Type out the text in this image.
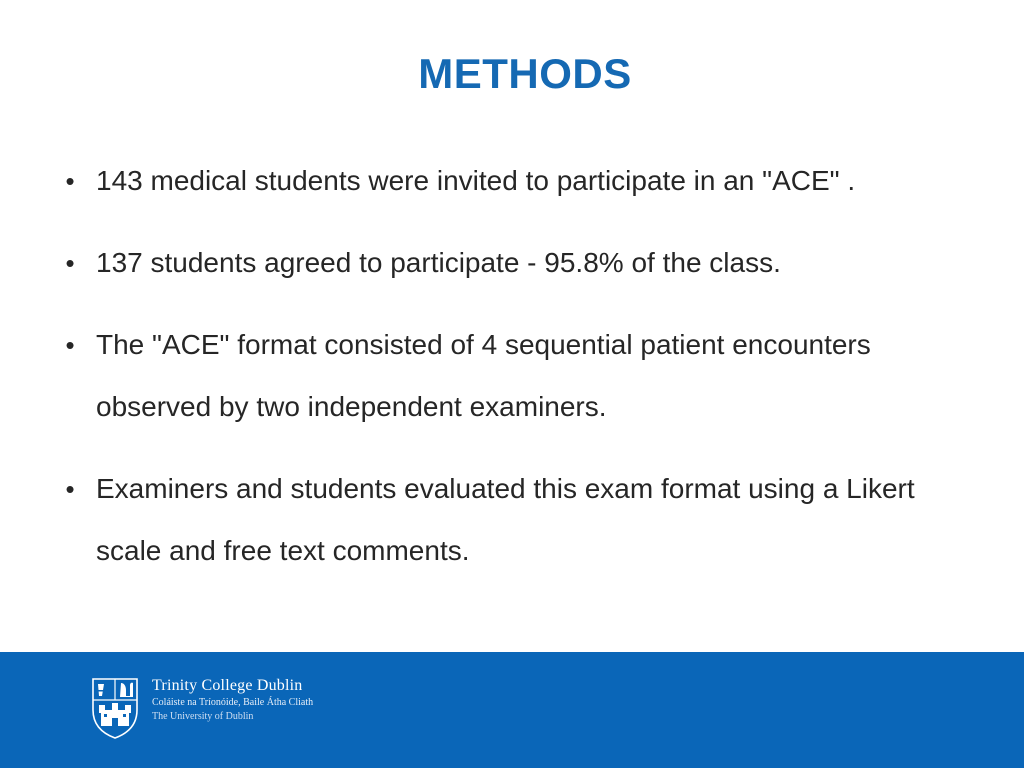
METHODS
• 143 medical students were invited to participate in an "ACE" .
• 137 students agreed to participate - 95.8% of the class.
• The "ACE" format consisted of 4 sequential patient encounters observed by two independent examiners.
• Examiners and students evaluated this exam format using a Likert scale and free text comments.
Trinity College Dublin
Coláiste na Tríonóide, Baile Átha Cliath
The University of Dublin
